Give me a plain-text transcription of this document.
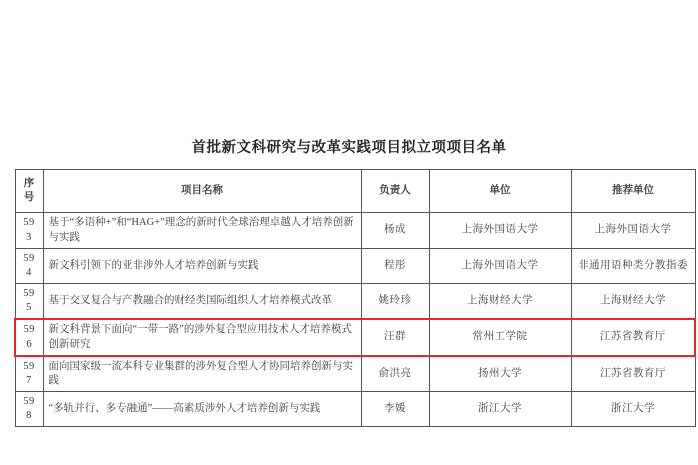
首批新文科研究与改革实践项目拟立项项目名单
序号	项目名称	负责人	单位	推荐单位
593	基于“多语种+”和“HAG+”理念的新时代全球治理卓越人才培养创新与实践	杨成	上海外国语大学	上海外国语大学
594	新文科引领下的亚非涉外人才培养创新与实践	程彤	上海外国语大学	非通用语种类分教指委
595	基于交叉复合与产教融合的财经类国际组织人才培养模式改革	姚玲珍	上海财经大学	上海财经大学
596	新文科背景下面向“一带一路”的涉外复合型应用技术人才培养模式创新研究	汪群	常州工学院	江苏省教育厅
597	面向国家级一流本科专业集群的涉外复合型人才协同培养创新与实践	俞洪亮	扬州大学	江苏省教育厅
598	“多轨并行、多专融通”——高素质涉外人才培养创新与实践	李媛	浙江大学	浙江大学
